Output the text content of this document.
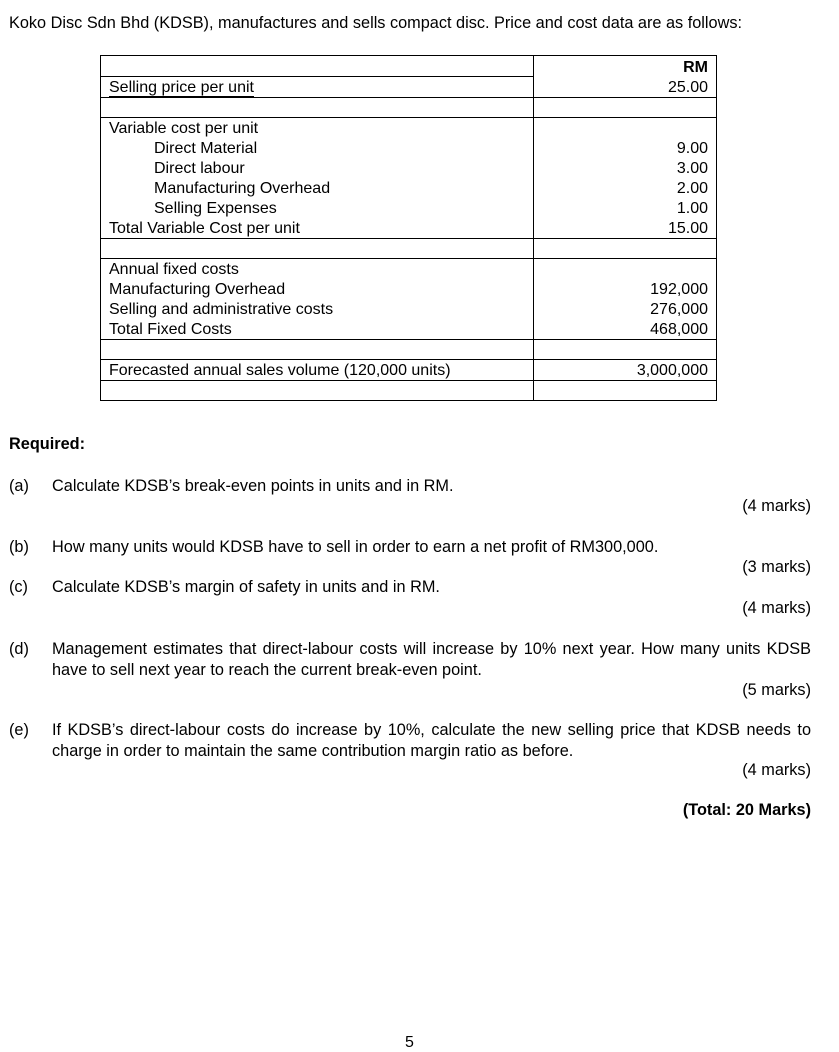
Koko Disc Sdn Bhd (KDSB), manufactures and sells compact disc. Price and cost data are as follows:
	RM
Selling price per unit	25.00

Variable cost per unit	
Direct Material	9.00
Direct labour	3.00
Manufacturing Overhead	2.00
Selling Expenses	1.00
Total Variable Cost per unit	15.00

Annual fixed costs	
Manufacturing Overhead	192,000
Selling and administrative costs	276,000
Total Fixed Costs	468,000

Forecasted annual sales volume (120,000 units)	3,000,000

Required:
(a) Calculate KDSB’s break-even points in units and in RM.
(4 marks)
(b) How many units would KDSB have to sell in order to earn a net profit of RM300,000.
(3 marks)
(c) Calculate KDSB’s margin of safety in units and in RM.
(4 marks)
(d) Management estimates that direct-labour costs will increase by 10% next year. How many units KDSB have to sell next year to reach the current break-even point.
(5 marks)
(e) If KDSB’s direct-labour costs do increase by 10%, calculate the new selling price that KDSB needs to charge in order to maintain the same contribution margin ratio as before.
(4 marks)
(Total: 20 Marks)
5
